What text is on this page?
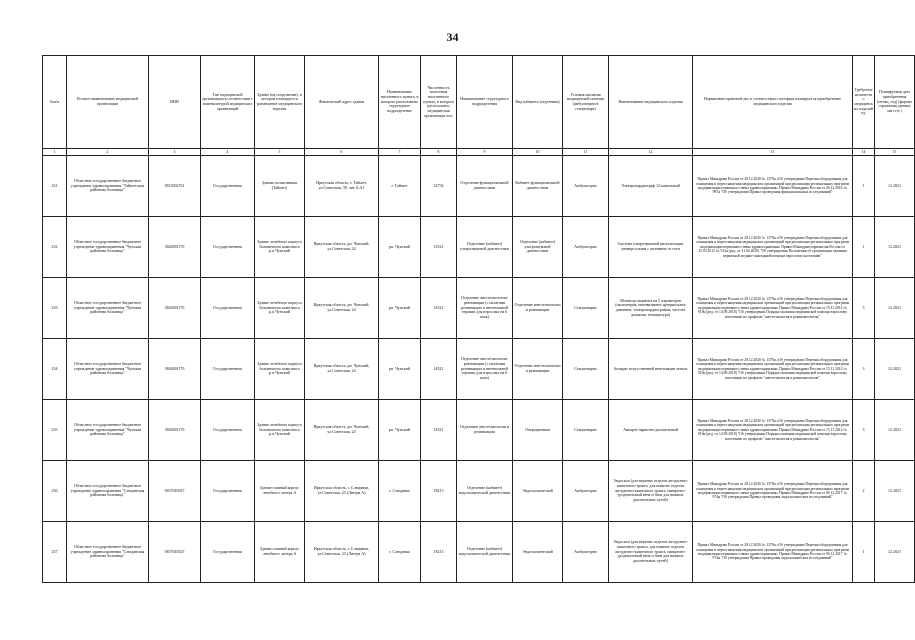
34
№п/п	Полное наименование медицинской организации	ИНН	Тип медицинской организации в соответствии с номенклатурой медицинских организаций	Здание (на сооружение), в котором планируется размещение медицинского изделия	Фактический адрес здания	Наименование населенного пункта, в котором расположено структурное подразделение	Численность населения населенного пункта, в котором расположено медицинская организация чел.	Наименование структурного подразделения	Вид кабинета (отделения)	Условия оказания медицинской помощи (амбулаторно/в стационаре)	Наименование медицинского изделия	Нормативно-правовой акт, в соответствии с которым планируется приобретение медицинского изделия	Требуемое количество медицинских изделий ед.	Планируемая дата приобретения (месяц, год) (формат отражения данных мм.гггг.)
1	2	3	4	5	6	7	8	9	10	11	12	13	14	15
231	Областное государственное бюджетное учреждение здравоохранения "Тайшетская районная больница"	3815002761	Государственная	Здание поликлиники (Тайшет)	Иркутская область, г. Тайшет, ул.Советская, 39, лит.А,А1	г. Тайшет	32754	Отделение функциональной диагностики	Кабинет функциональной диагностики	Амбулаторно	Электрокардиограф 12-канальный	Приказ Минздрава России от 28.12.2020 № 1379н «Об утверждении Перечня оборудования для оснащения и переоснащения медицинских организаций при реализации региональных программ модернизации первичного звена здравоохранения» Приказ Минздрава России от 26.12.2016 № 997н "Об утверждении Правил проведения функциональных исследований"	1	12.2021
232	Областное государственное бюджетное учреждение здравоохранения "Чунская районная больница"	3844001170	Государственная	Здание лечебного корпуса больничного комплекса р.п.Чунский	Иркутская область, рп. Чунский, ул.Советская, 24	рп. Чунский	14521	Отделение (кабинет) ультразвуковой диагностики	Отделение (кабинет) ультразвуковой диагностики	Амбулаторно	Система ультразвуковой визуализации универсальная с питанием от сети	Приказ Минздрава России от 28.12.2020 № 1379н «Об утверждении Перечня оборудования для оснащения и переоснащения медицинских организаций при реализации региональных программ модернизации первичного звена здравоохранения» Приказ Минздравсоцразвития России от 15.03.2012 № 543н (ред. от 21.02.2020) "Об утверждении Положения об организации оказания первичной медико-санитарной помощи взрослому населению"	1	12.2021
233	Областное государственное бюджетное учреждение здравоохранения "Чунская районная больница"	3844001170	Государственная	Здание лечебного корпуса больничного комплекса р.п.Чунский	Иркутская область, рп. Чунский, ул.Советская, 24	рп. Чунский	14521	Отделение анестезиологии-реанимации (с палатами реанимации и интенсивной терапии для взрослых на 6 коек)	Отделение анестезиологии и реанимации	Стационарно	Монитор пациента на 5 параметров (оксиметрия, неинвазивное артериальное давление, электрокардиограмма, частота дыхания, температура)	Приказ Минздрава России от 28.12.2020 № 1379н «Об утверждении Перечня оборудования для оснащения и переоснащения медицинских организаций при реализации региональных программ модернизации первичного звена здравоохранения» Приказ Минздрава России от 15.11.2012 № 919н (ред. от 14.09.2018) "Об утверждении Порядка оказания медицинской помощи взрослому населению по профилю "анестезиология и реаниматология"	3	12.2021
234	Областное государственное бюджетное учреждение здравоохранения "Чунская районная больница"	3844001170	Государственная	Здание лечебного корпуса больничного комплекса р.п.Чунский	Иркутская область, рп. Чунский, ул.Советская, 24	рп. Чунский	14521	Отделение анестезиологии-реанимации (с палатами реанимации и интенсивной терапии для взрослых на 6 коек)	Отделение анестезиологии и реанимации	Стационарно	Аппарат искусственной вентиляции легких	Приказ Минздрава России от 28.12.2020 № 1379н «Об утверждении Перечня оборудования для оснащения и переоснащения медицинских организаций при реализации региональных программ модернизации первичного звена здравоохранения» Приказ Минздрава России от 15.11.2012 № 919н (ред. от 14.09.2018) "Об утверждении Порядка оказания медицинской помощи взрослому населению по профилю "анестезиология и реаниматология"	3	12.2021
235	Областное государственное бюджетное учреждение здравоохранения "Чунская районная больница"	3844001170	Государственная	Здание лечебного корпуса больничного комплекса р.п.Чунский	Иркутская область, рп. Чунский, ул.Советская, 24	рп. Чунский	14521	Отделение анестезиологии и реанимации	Операционная	Стационарно	Аппарат наркозно-дыхательный	Приказ Минздрава России от 28.12.2020 № 1379н «Об утверждении Перечня оборудования для оснащения и переоснащения медицинских организаций при реализации региональных программ модернизации первичного звена здравоохранения» Приказ Минздрава России от 15.11.2012 № 919н (ред. от 14.09.2018) "Об утверждении Порядка оказания медицинской помощи взрослому населению по профилю "анестезиология и реаниматология"	3	12.2021
236	Областное государственное бюджетное учреждение здравоохранения "Слюдянская районная больница"	3837045027	Государственная	Здание главный корпус лечебного литера А	Иркутская область, г. Слюдянка, ул.Советская, 23 (Литера А)	г. Слюдянка	18213	Отделение (кабинет) эндоскопической диагностики	Эндоскопический	Амбулаторно	Эндоскоп (для верхних отделов желудочно-кишечного тракта, для нижних отделов желудочно-кишечного тракта, панкреато-дуоденальный вена и бена для нижних дыхательных путей)	Приказ Минздрава России от 28.12.2020 № 1379н «Об утверждении Перечня оборудования для оснащения и переоснащения медицинских организаций при реализации региональных программ модернизации первичного звена здравоохранения» Приказ Минздрава России от 06.12.2017 № 974н "Об утверждении Правил проведения эндоскопических исследований"	2	12.2021
237	Областное государственное бюджетное учреждение здравоохранения "Слюдянская районная больница"	3837045027	Государственная	Здание главный корпус лечебного литера А	Иркутская область, г. Слюдянка, ул.Советская, 23 (Литера А)	г. Слюдянка	18213	Отделение (кабинет) эндоскопической диагностики	Эндоскопический	Амбулаторно	Эндоскоп (для верхних отделов желудочно-кишечного тракта, для нижних отделов желудочно-кишечного тракта, панкреато-дуоденальный вена и бена для нижних дыхательных путей)	Приказ Минздрава России от 28.12.2020 № 1379н «Об утверждении Перечня оборудования для оснащения и переоснащения медицинских организаций при реализации региональных программ модернизации первичного звена здравоохранения» Приказ Минздрава России от 06.12.2017 № 974н "Об утверждении Правил проведения эндоскопических исследований"	1	12.2021
